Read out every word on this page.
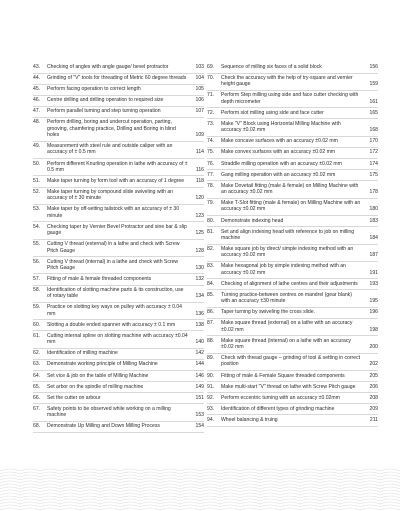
43.	Checking of angles with angle gauge/ bevel protractor	103
44.	Grinding of "V" tools for threading of Metric 60 degree threads	104
45.	Perform facing operation to correct length	105
46.	Centre drilling and drilling operation to required size	106
47.	Perform parallel turning and step turning operation	107
48.	Perform drilling, boring and undercut operation, parting, grooving, chamfering practice, Drilling and Boring in blind holes	109
49.	Measurement with steel rule and outside caliper with an accuracy of ± 0.5 mm	114
50.	Perform different Knurling operation in lathe with accuracy of ± 0.5 mm	116
51.	Make taper turning by form tool with an accuracy of 1 degree	118
52.	Make taper turning by compound slide swiveling with an accuracy of ± 30 minute	120
53.	Make taper by off-setting tailstock with an accuracy of ± 30 minute	123
54.	Checking taper by Vernier Bevel Protractor and sine bar & slip gauge	125
55.	Cutting V thread (external) in a lathe and check with Screw Pitch Gauge	128
56.	Cutting V thread (internal) in a lathe and check with Screw Pitch Gauge	130
57.	Fitting of male & female threaded components	132
58.	Identification of slotting machine parts & its construction, use of rotary table	134
59.	Practice on slotting key ways on pulley with accuracy ± 0.04 mm	136
60.	Slotting a double ended spanner with accuracy ± 0.1 mm	138
61.	Cutting internal spline on slotting machine with accuracy ±0.04 mm	140
62.	Identification of milling machine	142
63.	Demonstrate working principle of Milling Machine	144
64.	Set vice & job on the table of Milling Machine	146
65.	Set arbor on the spindle of milling machine	149
66.	Set the cutter on arbour	151
67.	Safety points to be observed while working on a milling machine	153
68.	Demonstrate Up Milling and Down Milling Process	154
69.	Sequence of milling six faces of a solid block	156
70.	Check the accuracy with the help of try-square and vernier height gauge	159
71.	Perform Step milling using side and face cutter checking with depth micrometer	161
72.	Perform slot milling using side and face cutter	165
73.	Make "V" Block using Horizontal Milling Machine with accuracy ±0.02 mm	168
74.	Make concave surfaces with an accuracy ±0.02 mm	170
75.	Make convex surfaces with an accuracy ±0.02 mm	172
76.	Straddle milling operation with an accuracy ±0.02 mm	174
77.	Gang milling operation with an accuracy ±0.02 mm	175
78.	Make Dovetail fitting (male & female) on Milling Machine with an accuracy ±0.02 mm	178
79.	Make T-Slot fitting (male & female) on Milling Machine with an accuracy ±0.02 mm	180
80.	Demonstrate indexing head	183
81.	Set and align indexing head with reference to job on milling machine	184
82.	Make square job by direct/ simple indexing method with an accuracy ±0.02 mm	187
83.	Make hexagonal job by simple indexing method with an accuracy ±0.02 mm	191
84.	Checking of alignment of lathe centres and their adjustments	193
85.	Turning practice-between centres on mandrel (gear blank) with an accuracy ±30 minute	195
86.	Taper turning by swiveling the cross slide.	196
87.	Make square thread (external) on a lathe with an accuracy ±0.02 mm	198
88.	Make square thread (internal) on a lathe with an accuracy ±0.02 mm	200
89.	Check with thread gauge – grinding of tool & setting in correct position	202
90.	Fitting of male & Female Square threaded components	205
91.	Make multi-start "V" thread on lathe with Screw Pitch gauge	206
92.	Perform eccentric turning with an accuracy ±0.02mm	208
93.	Identification of different types of grinding machine	209
94.	Wheel balancing & truing	211
